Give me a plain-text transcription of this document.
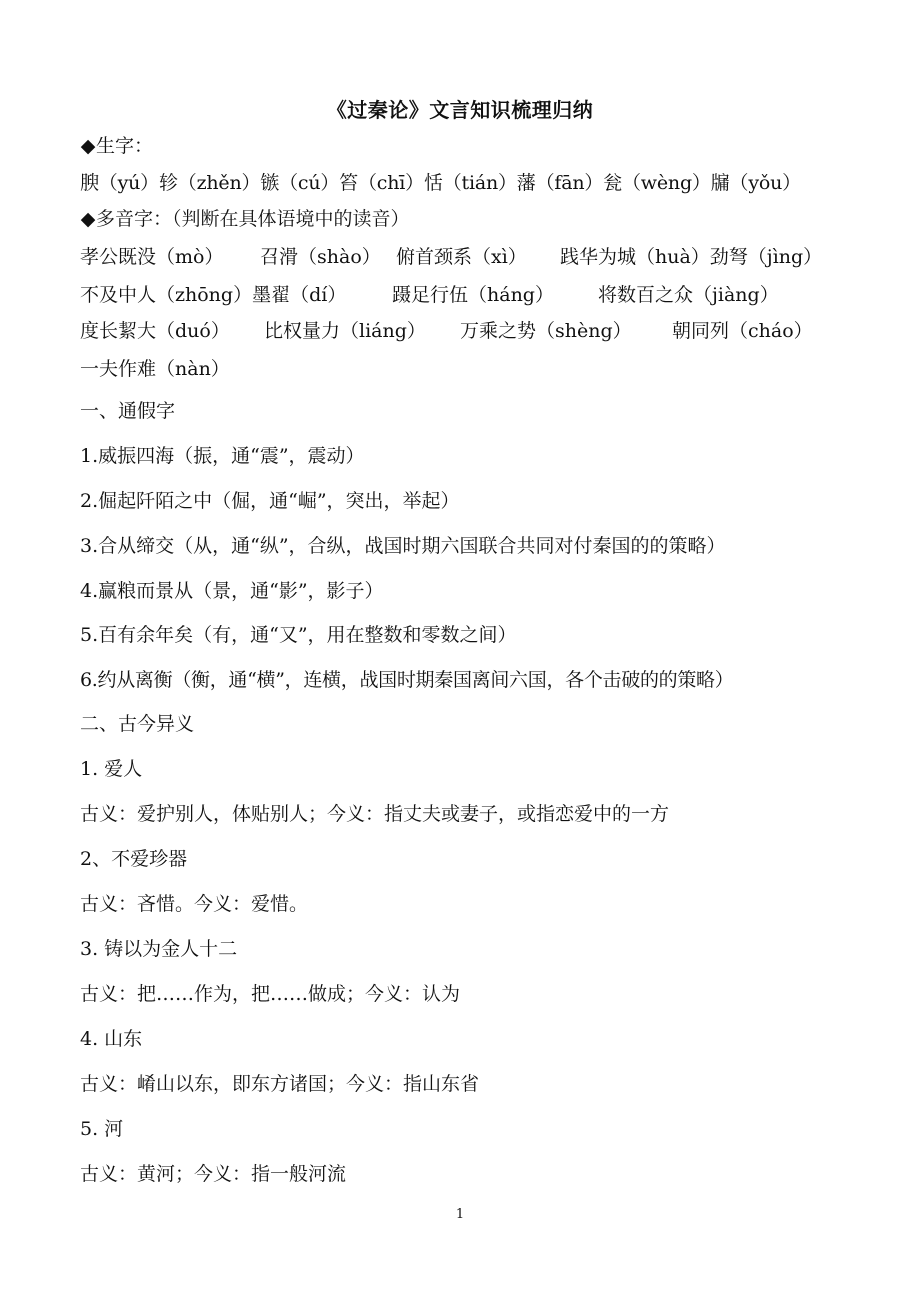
《过秦论》文言知识梳理归纳
◆生字：
腴（yú）轸（zhěn）镞（cú）笞（chī）恬（tián）藩（fān）瓮（wèng）牖（yǒu）
◆多音字：（判断在具体语境中的读音）
孝公既没（mò） 召滑（shào） 俯首颈系（xì） 践华为城（huà）劲弩（jìng）
不及中人（zhōng）墨翟（dí） 蹑足行伍（háng） 将数百之众（jiàng）
度长絜大（duó） 比权量力（liáng） 万乘之势（shèng） 朝同列（cháo）
一夫作难（nàn）
一、通假字
1.威振四海（振，通“震”，震动）
2.倔起阡陌之中（倔，通“崛”，突出，举起）
3.合从缔交（从，通“纵”，合纵，战国时期六国联合共同对付秦国的的策略）
4.赢粮而景从（景，通“影”，影子）
5.百有余年矣（有，通“又”，用在整数和零数之间）
6.约从离衡（衡，通“横”，连横，战国时期秦国离间六国，各个击破的的策略）
二、古今异义
1. 爱人
古义：爱护别人，体贴别人；今义：指丈夫或妻子，或指恋爱中的一方
2、不爱珍器
古义：吝惜。今义：爱惜。
3. 铸以为金人十二
古义：把……作为，把……做成；今义：认为
4. 山东
古义：崤山以东，即东方诸国；今义：指山东省
5. 河
古义：黄河；今义：指一般河流
1
